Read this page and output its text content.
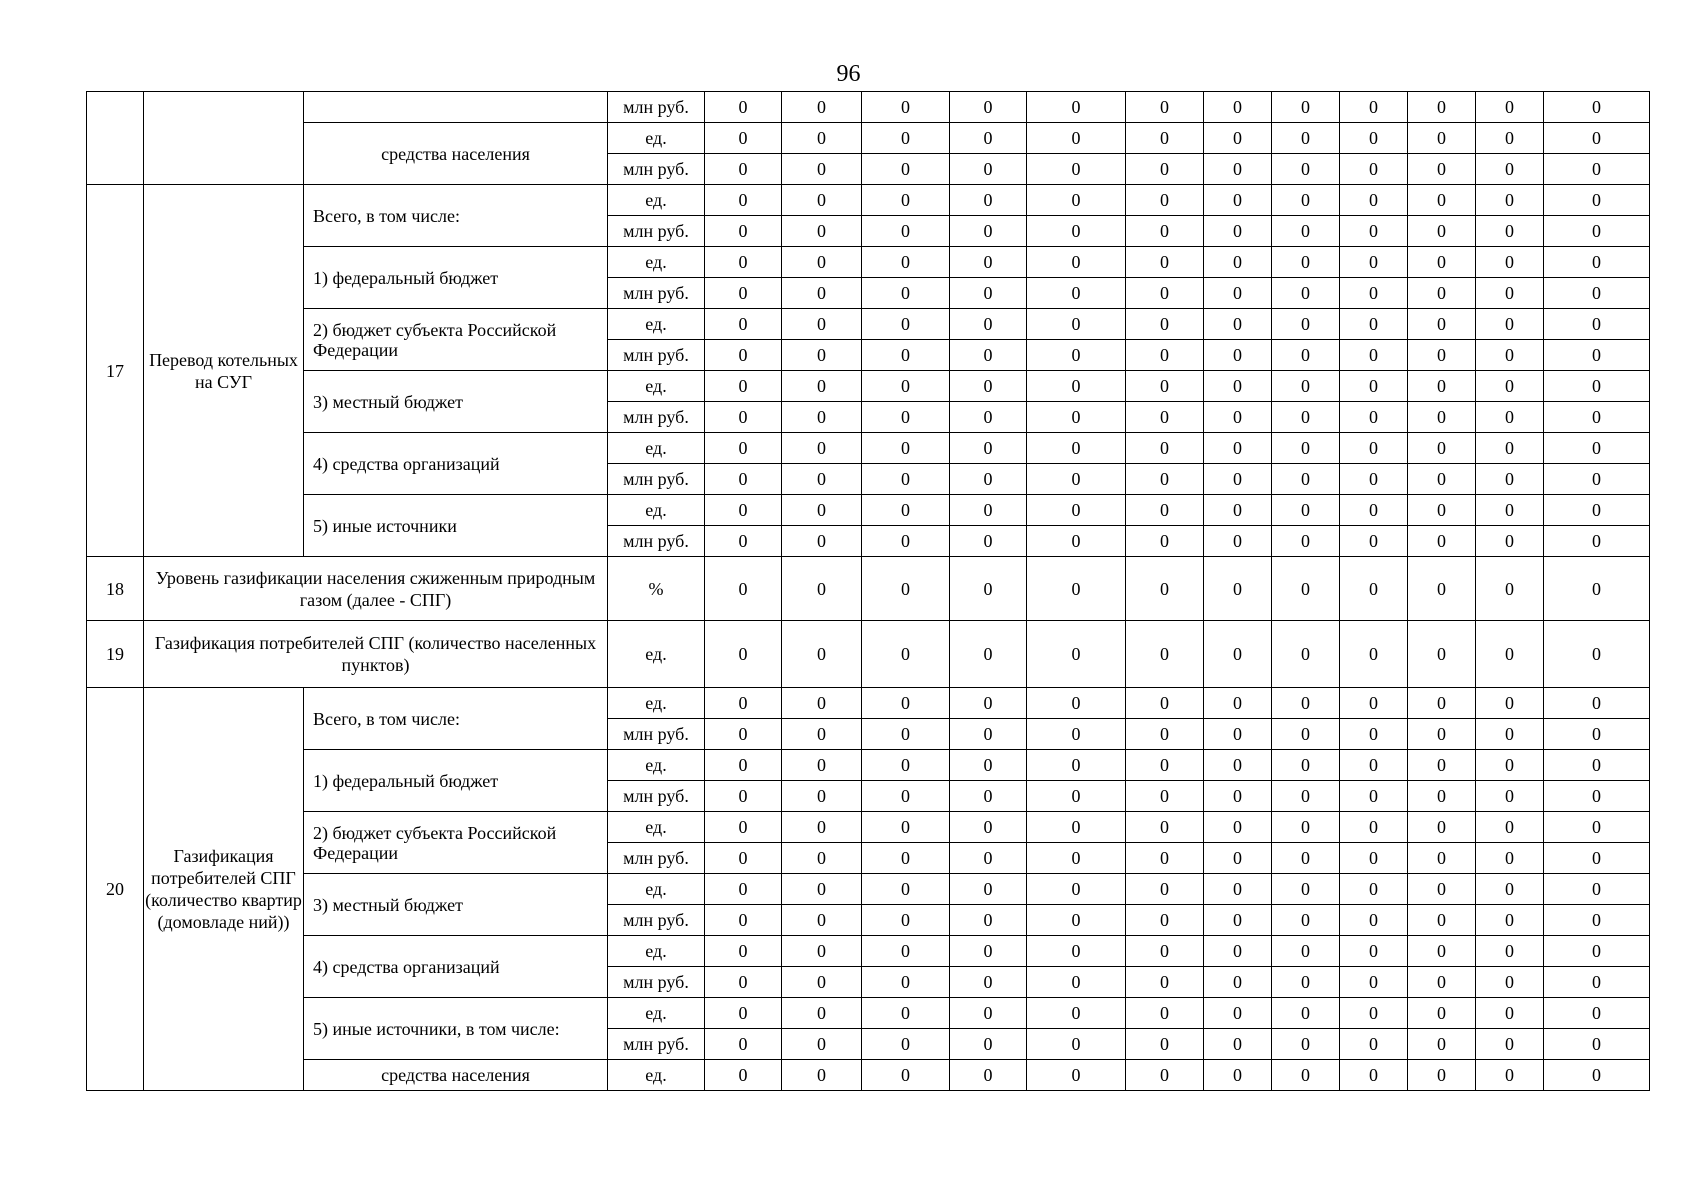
96
			млн руб.	0	0	0	0	0	0	0	0	0	0	0	0
		средства населения	ед.	0	0	0	0	0	0	0	0	0	0	0	0
			млн руб.	0	0	0	0	0	0	0	0	0	0	0	0
17	Перевод котельных на СУГ	Всего, в том числе:	ед.	0	0	0	0	0	0	0	0	0	0	0	0
			млн руб.	0	0	0	0	0	0	0	0	0	0	0	0
		1) федеральный бюджет	ед.	0	0	0	0	0	0	0	0	0	0	0	0
			млн руб.	0	0	0	0	0	0	0	0	0	0	0	0
		2) бюджет субъекта Российской Федерации	ед.	0	0	0	0	0	0	0	0	0	0	0	0
			млн руб.	0	0	0	0	0	0	0	0	0	0	0	0
		3) местный бюджет	ед.	0	0	0	0	0	0	0	0	0	0	0	0
			млн руб.	0	0	0	0	0	0	0	0	0	0	0	0
		4) средства организаций	ед.	0	0	0	0	0	0	0	0	0	0	0	0
			млн руб.	0	0	0	0	0	0	0	0	0	0	0	0
		5) иные источники	ед.	0	0	0	0	0	0	0	0	0	0	0	0
			млн руб.	0	0	0	0	0	0	0	0	0	0	0	0
18	Уровень газификации населения сжиженным природным газом (далее - СПГ)		%	0	0	0	0	0	0	0	0	0	0	0	0
19	Газификация потребителей СПГ (количество населенных пунктов)		ед.	0	0	0	0	0	0	0	0	0	0	0	0
20	Газификация потребителей СПГ (количество квартир (домовладе ний))	Всего, в том числе:	ед.	0	0	0	0	0	0	0	0	0	0	0	0
			млн руб.	0	0	0	0	0	0	0	0	0	0	0	0
		1) федеральный бюджет	ед.	0	0	0	0	0	0	0	0	0	0	0	0
			млн руб.	0	0	0	0	0	0	0	0	0	0	0	0
		2) бюджет субъекта Российской Федерации	ед.	0	0	0	0	0	0	0	0	0	0	0	0
			млн руб.	0	0	0	0	0	0	0	0	0	0	0	0
		3) местный бюджет	ед.	0	0	0	0	0	0	0	0	0	0	0	0
			млн руб.	0	0	0	0	0	0	0	0	0	0	0	0
		4) средства организаций	ед.	0	0	0	0	0	0	0	0	0	0	0	0
			млн руб.	0	0	0	0	0	0	0	0	0	0	0	0
		5) иные источники, в том числе:	ед.	0	0	0	0	0	0	0	0	0	0	0	0
			млн руб.	0	0	0	0	0	0	0	0	0	0	0	0
		средства населения	ед.	0	0	0	0	0	0	0	0	0	0	0	0
